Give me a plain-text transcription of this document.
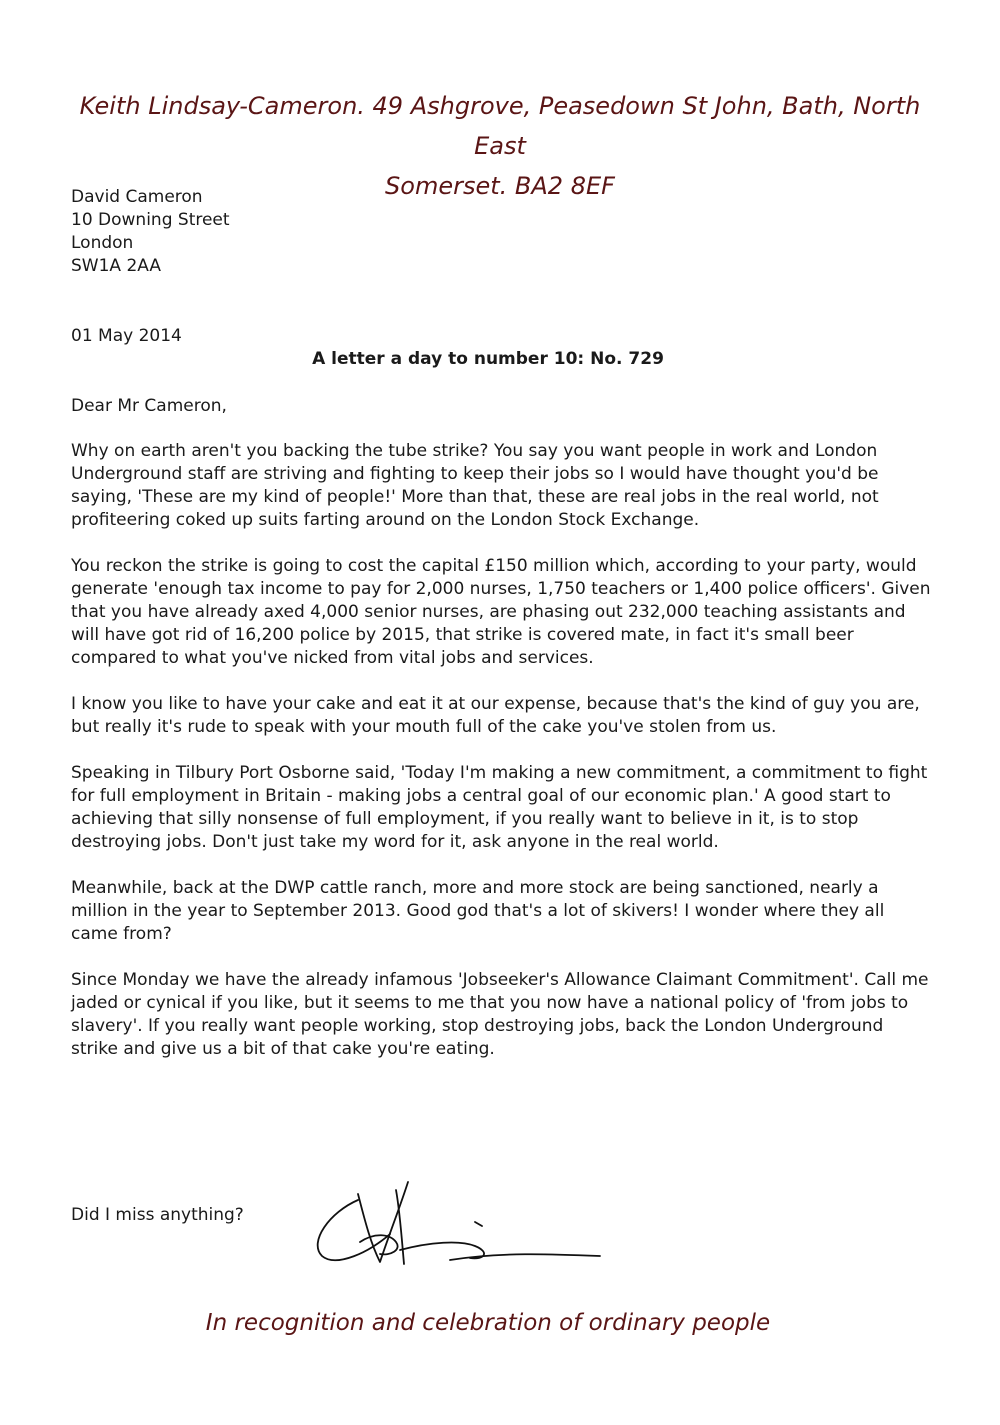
Keith Lindsay-Cameron. 49 Ashgrove, Peasedown St John, Bath, North East
Somerset. BA2 8EF
David Cameron
10 Downing Street
London
SW1A 2AA
01 May 2014
A letter a day to number 10: No. 729
Dear Mr Cameron,

Why on earth aren't you backing the tube strike? You say you want people in work and London Underground staff are striving and fighting to keep their jobs so I would have thought you'd be saying, 'These are my kind of people!' More than that, these are real jobs in the real world, not profiteering coked up suits farting around on the London Stock Exchange.

You reckon the strike is going to cost the capital £150 million which, according to your party, would generate 'enough tax income to pay for 2,000 nurses, 1,750 teachers or 1,400 police officers'. Given that you have already axed 4,000 senior nurses, are phasing out 232,000 teaching assistants and will have got rid of 16,200 police by 2015, that strike is covered mate, in fact it's small beer compared to what you've nicked from vital jobs and services.

I know you like to have your cake and eat it at our expense, because that's the kind of guy you are, but really it's rude to speak with your mouth full of the cake you've stolen from us.

Speaking in Tilbury Port Osborne said, 'Today I'm making a new commitment, a commitment to fight for full employment in Britain - making jobs a central goal of our economic plan.' A good start to achieving that silly nonsense of full employment, if you really want to believe in it, is to stop destroying jobs. Don't just take my word for it, ask anyone in the real world.

Meanwhile, back at the DWP cattle ranch, more and more stock are being sanctioned, nearly a million in the year to September 2013. Good god that's a lot of skivers! I wonder where they all came from?

Since Monday we have the already infamous 'Jobseeker's Allowance Claimant Commitment'. Call me jaded or cynical if you like, but it seems to me that you now have a national policy of 'from jobs to slavery'. If you really want people working, stop destroying jobs, back the London Underground strike and give us a bit of that cake you're eating.

Did I miss anything?
In recognition and celebration of ordinary people
